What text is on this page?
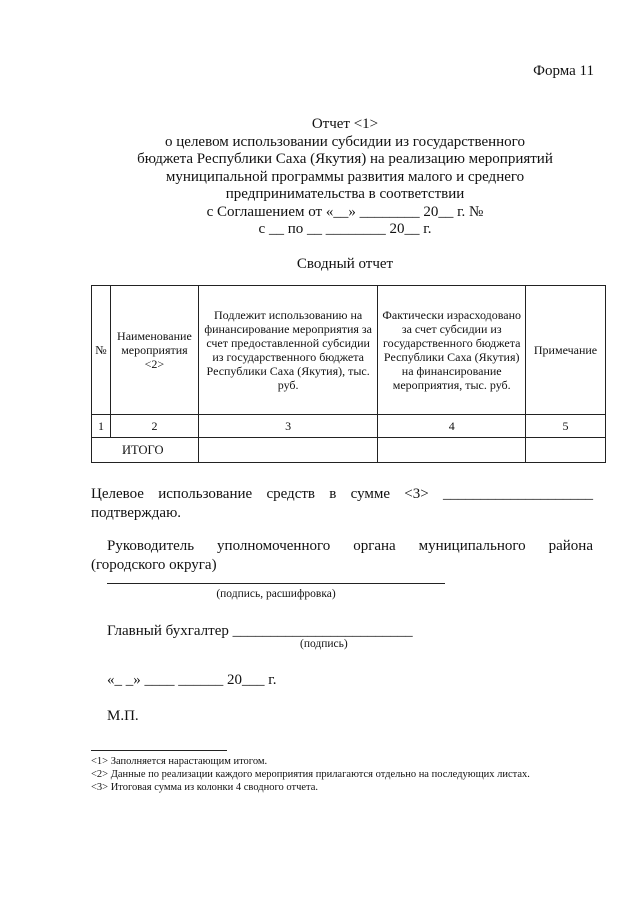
Форма 11
Отчет <1>
о целевом использовании субсидии из государственного
бюджета Республики Саха (Якутия) на реализацию мероприятий
муниципальной программы развития малого и среднего
предпринимательства в соответствии
с Соглашением от «__» ________ 20__ г. №
с __ по __ ________ 20__ г.
Сводный отчет
№	Наименование мероприятия <2>	Подлежит использованию на финансирование мероприятия за счет предоставленной субсидии из государственного бюджета Республики Саха (Якутия), тыс. руб.	Фактически израсходовано за счет субсидии из государственного бюджета Республики Саха (Якутия) на финансирование мероприятия, тыс. руб.	Примечание
1	2	3	4	5
ИТОГО				
Целевое использование средств в сумме <3> ____________________
подтверждаю.
Руководитель уполномоченного органа муниципального района
(городского округа)
(подпись, расшифровка)
Главный бухгалтер ________________________
(подпись)
«_ _» ____ ______ 20___ г.
М.П.
<1> Заполняется нарастающим итогом.
<2> Данные по реализации каждого мероприятия прилагаются отдельно на последующих листах.
<3> Итоговая сумма из колонки 4 сводного отчета.
